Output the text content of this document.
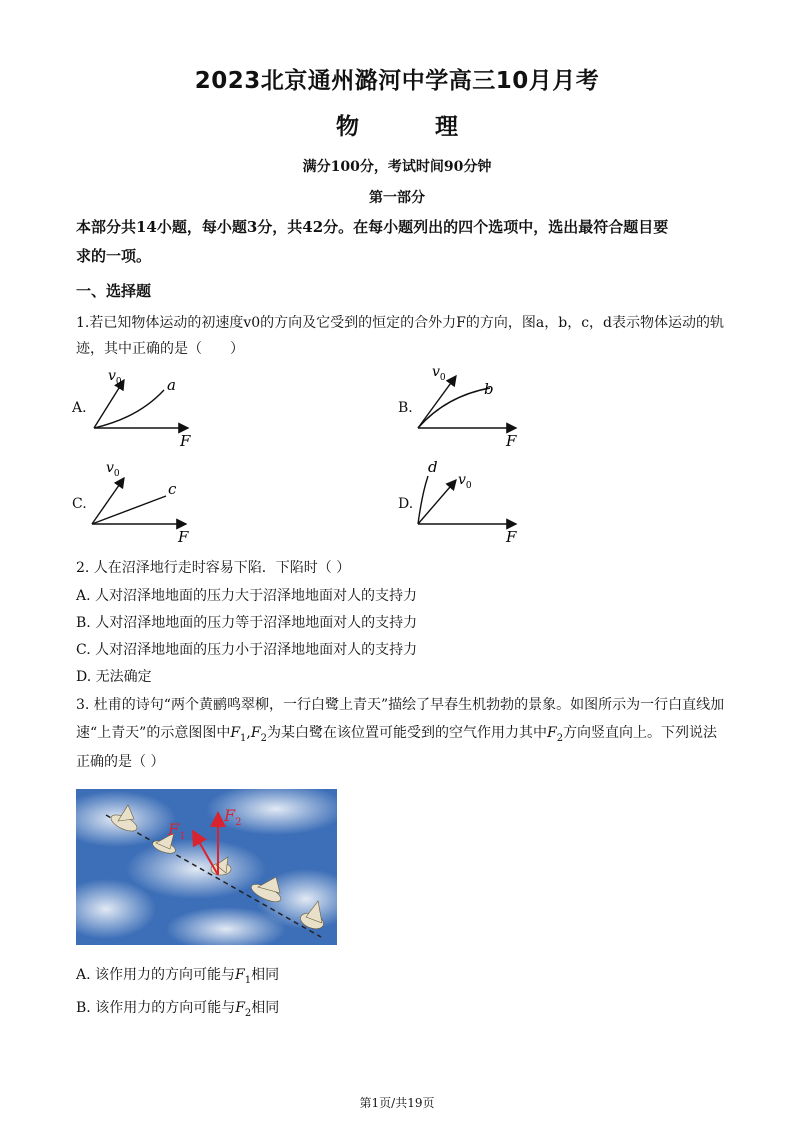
2023北京通州潞河中学高三10月月考
物  理
满分100分，考试时间90分钟
第一部分
本部分共14小题，每小题3分，共42分。在每小题列出的四个选项中，选出最符合题目要
求的一项。
一、选择题
1.若已知物体运动的初速度v0的方向及它受到的恒定的合外力F的方向，图a，b，c，d表示物体运动的轨
迹，其中正确的是（　　）
A.
$v_0$	a
F
B.
$v_0$
b
F
C.
$v_0$
c
F
D.
d
$v_0$
F
2. 人在沼泽地行走时容易下陷．下陷时（ ）
A. 人对沼泽地地面的压力大于沼泽地地面对人的支持力
B. 人对沼泽地地面的压力等于沼泽地地面对人的支持力
C. 人对沼泽地地面的压力小于沼泽地地面对人的支持力
D. 无法确定
3. 杜甫的诗句“两个黄鹂鸣翠柳，一行白鹭上青天”描绘了早春生机勃勃的景象。如图所示为一行白直线加
速“上青天”的示意图图中$F_1,F_2$为某白鹭在该位置可能受到的空气作用力其中$F_2$方向竖直向上。下列说法
正确的是（ ）
$F_1$
$F_2$
A. 该作用力的方向可能与$F_1$相同
B. 该作用力的方向可能与$F_2$相同
第1页/共19页
